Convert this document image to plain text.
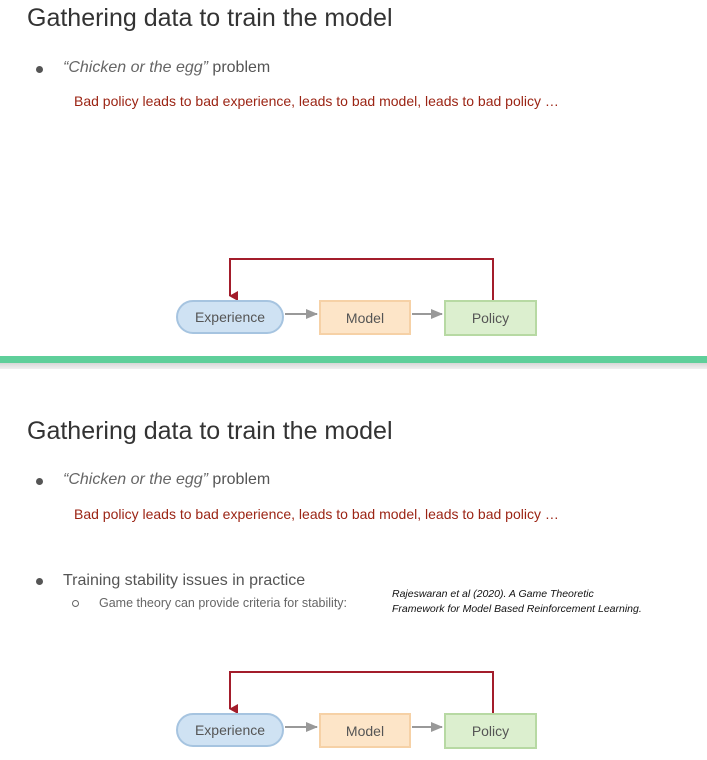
Gathering data to train the model
“Chicken or the egg” problem
Bad policy leads to bad experience, leads to bad model, leads to bad policy …
Experience	Model	Policy
Gathering data to train the model
“Chicken or the egg” problem
Bad policy leads to bad experience, leads to bad model, leads to bad policy …
Training stability issues in practice
Game theory can provide criteria for stability:
Rajeswaran et al (2020). A Game Theoretic
Framework for Model Based Reinforcement Learning.
Experience	Model	Policy
